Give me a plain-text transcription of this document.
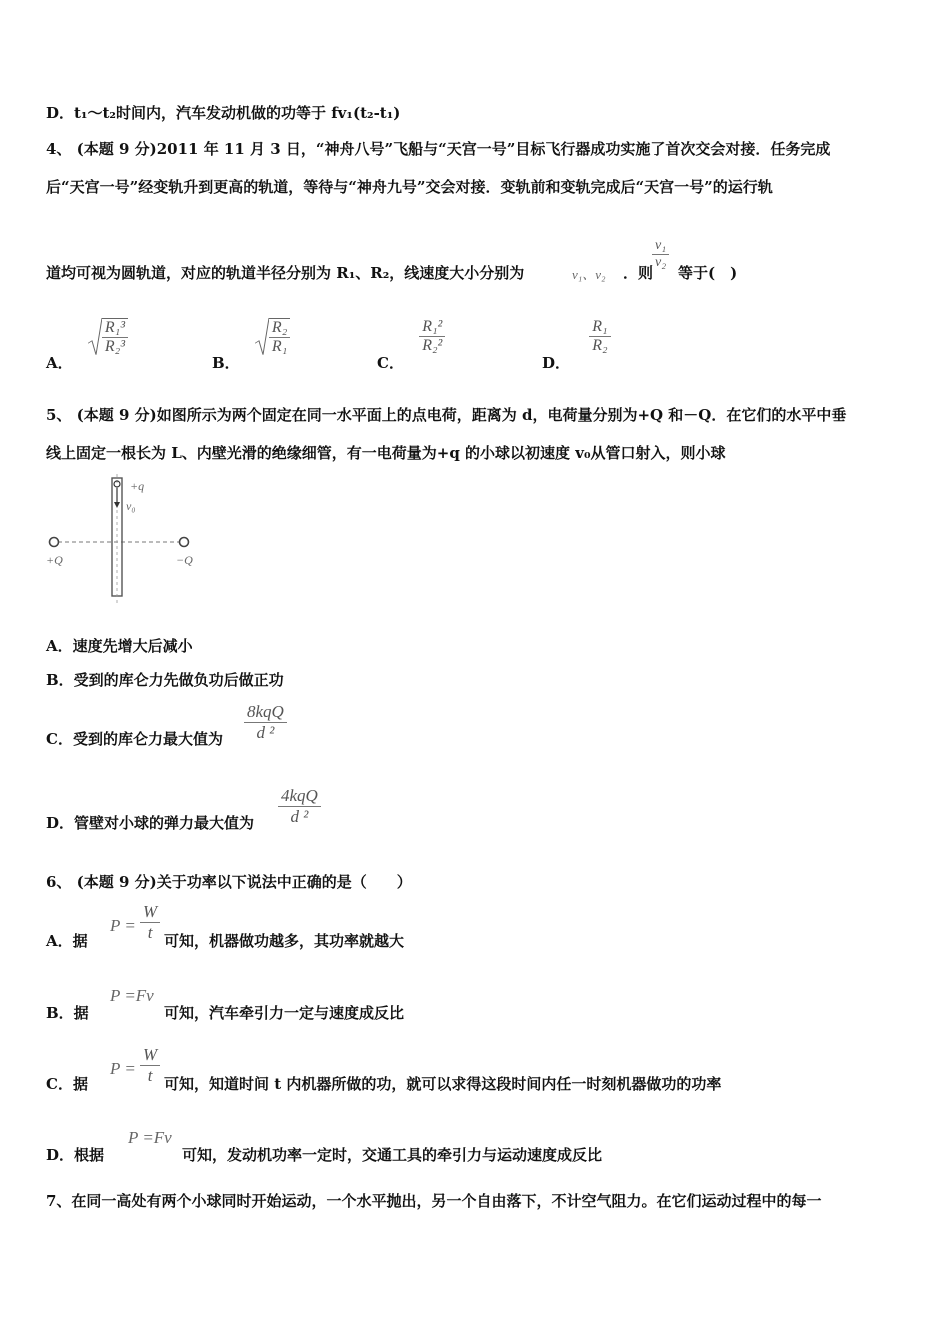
D．t₁～t₂时间内，汽车发动机做的功等于 fv₁(t₂-t₁)
4、 (本题 9 分)2011 年 11 月 3 日，“神舟八号”飞船与“天宫一号”目标飞行器成功实施了首次交会对接．任务完成
后“天宫一号”经变轨升到更高的轨道，等待与“神舟九号”交会对接．变轨前和变轨完成后“天宫一号”的运行轨
道均可视为圆轨道，对应的轨道半径分别为 R₁、R₂，线速度大小分别为	v₁、v₂ ．则
$\frac{\text{v₁}}{\text{v₂}}$
等于(　)
A．
$\frac{\text{R₁³}}{\text{R₂³}}$
B．
$\frac{\text{R₂}}{\text{R₁}}$
C．
$\frac{\text{R₁²}}{\text{R₂²}}$
D．
$\frac{\text{R₁}}{\text{R₂}}$
5、 (本题 9 分)如图所示为两个固定在同一水平面上的点电荷，距离为 d，电荷量分别为+Q 和－Q．在它们的水平中垂
线上固定一根长为 L、内壁光滑的绝缘细管，有一电荷量为+q 的小球以初速度 v₀从管口射入，则小球
+q
v₀
+Q	−Q
A．速度先增大后减小
B．受到的库仑力先做负功后做正功
C．受到的库仑力最大值为
8kqQ
d ²
D．管壁对小球的弹力最大值为
4kqQ
d ²
6、 (本题 9 分)关于功率以下说法中正确的是（　　）
A．据
$P = \frac{W}{t}$ 可知，机器做功越多，其功率就越大
B．据
P =Fv
可知，汽车牵引力一定与速度成反比
C．据
$P = \frac{W}{t}$ 可知，知道时间 t 内机器所做的功，就可以求得这段时间内任一时刻机器做功的功率
D．根据
P =Fv
可知，发动机功率一定时，交通工具的牵引力与运动速度成反比
7、在同一高处有两个小球同时开始运动，一个水平抛出，另一个自由落下，不计空气阻力。在它们运动过程中的每一
